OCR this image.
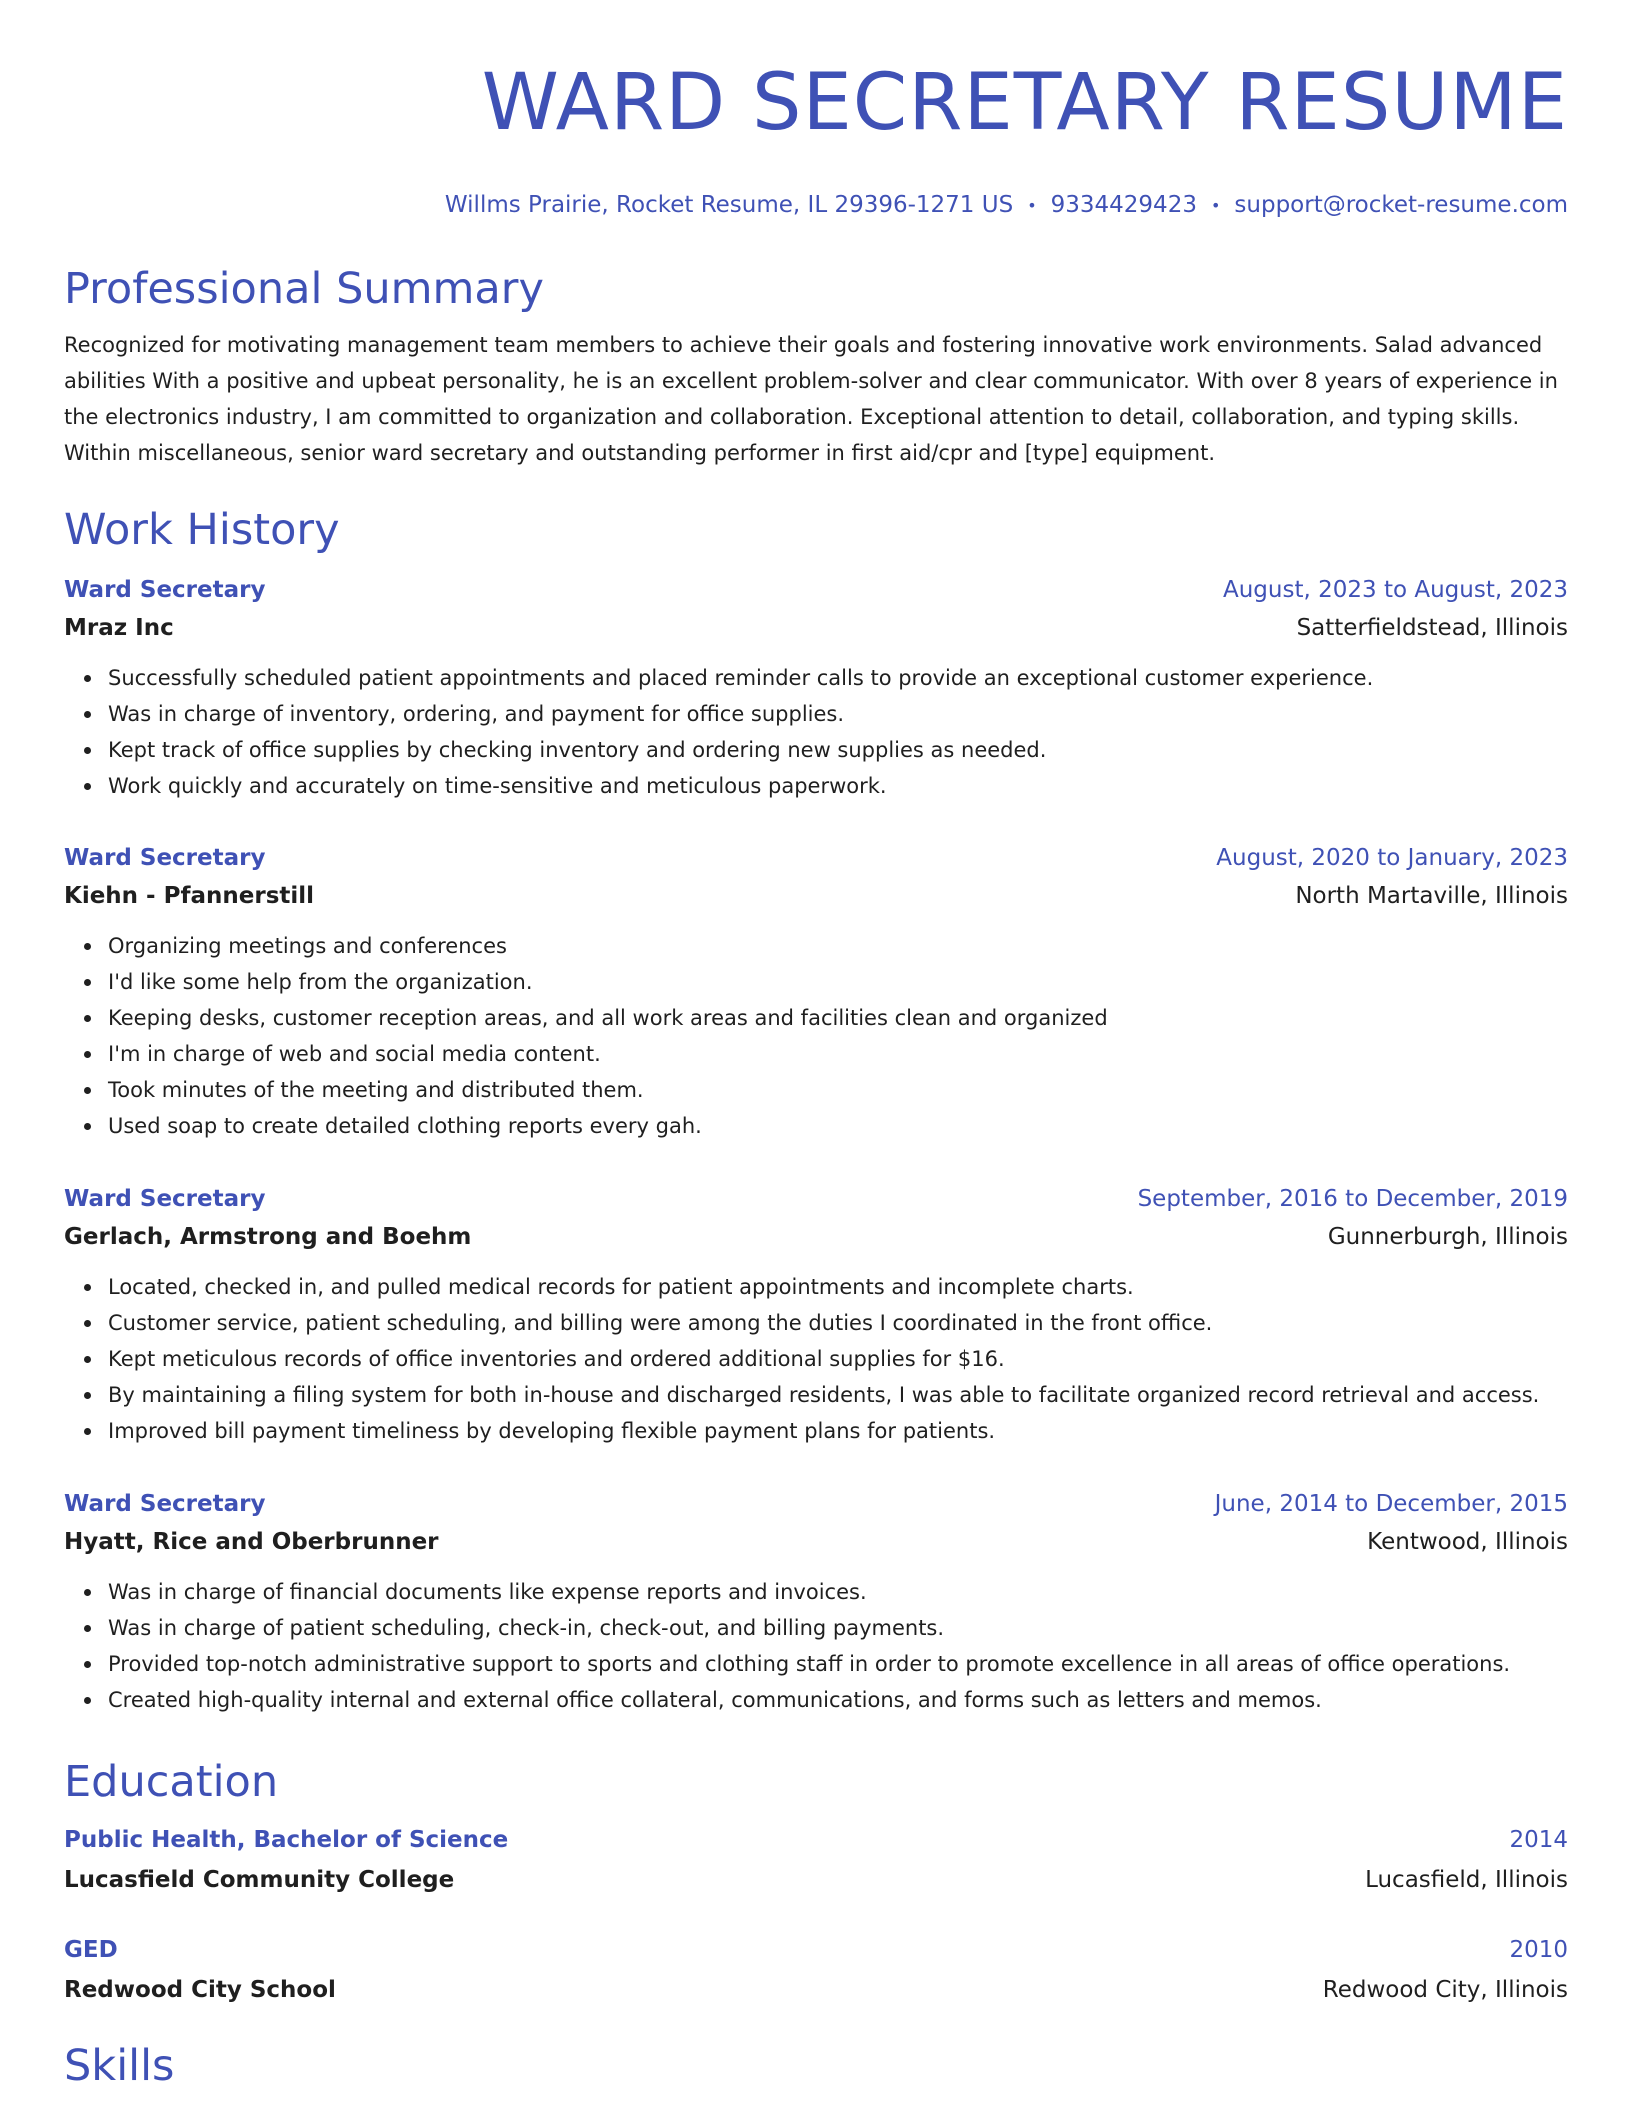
WARD SECRETARY RESUME
Willms Prairie, Rocket Resume, IL 29396-1271 US • 9334429423 • support@rocket-resume.com
Professional Summary

Recognized for motivating management team members to achieve their goals and fostering innovative work environments. Salad advanced abilities With a positive and upbeat personality, he is an excellent problem-solver and clear communicator. With over 8 years of experience in the electronics industry, I am committed to organization and collaboration. Exceptional attention to detail, collaboration, and typing skills. Within miscellaneous, senior ward secretary and outstanding performer in first aid/cpr and [type] equipment.

Work History
Ward Secretary	August, 2023 to August, 2023
Mraz Inc	Satterfieldstead, Illinois
Successfully scheduled patient appointments and placed reminder calls to provide an exceptional customer experience.
Was in charge of inventory, ordering, and payment for office supplies.
Kept track of office supplies by checking inventory and ordering new supplies as needed.
Work quickly and accurately on time-sensitive and meticulous paperwork.
Ward Secretary	August, 2020 to January, 2023
Kiehn - Pfannerstill	North Martaville, Illinois
Organizing meetings and conferences
I'd like some help from the organization.
Keeping desks, customer reception areas, and all work areas and facilities clean and organized
I'm in charge of web and social media content.
Took minutes of the meeting and distributed them.
Used soap to create detailed clothing reports every gah.
Ward Secretary	September, 2016 to December, 2019
Gerlach, Armstrong and Boehm	Gunnerburgh, Illinois
Located, checked in, and pulled medical records for patient appointments and incomplete charts.
Customer service, patient scheduling, and billing were among the duties I coordinated in the front office.
Kept meticulous records of office inventories and ordered additional supplies for $16.
By maintaining a filing system for both in-house and discharged residents, I was able to facilitate organized record retrieval and access.
Improved bill payment timeliness by developing flexible payment plans for patients.
Ward Secretary	June, 2014 to December, 2015
Hyatt, Rice and Oberbrunner	Kentwood, Illinois
Was in charge of financial documents like expense reports and invoices.
Was in charge of patient scheduling, check-in, check-out, and billing payments.
Provided top-notch administrative support to sports and clothing staff in order to promote excellence in all areas of office operations.
Created high-quality internal and external office collateral, communications, and forms such as letters and memos.
Education
Public Health, Bachelor of Science	2014
Lucasfield Community College	Lucasfield, Illinois
GED	2010
Redwood City School	Redwood City, Illinois
Skills
